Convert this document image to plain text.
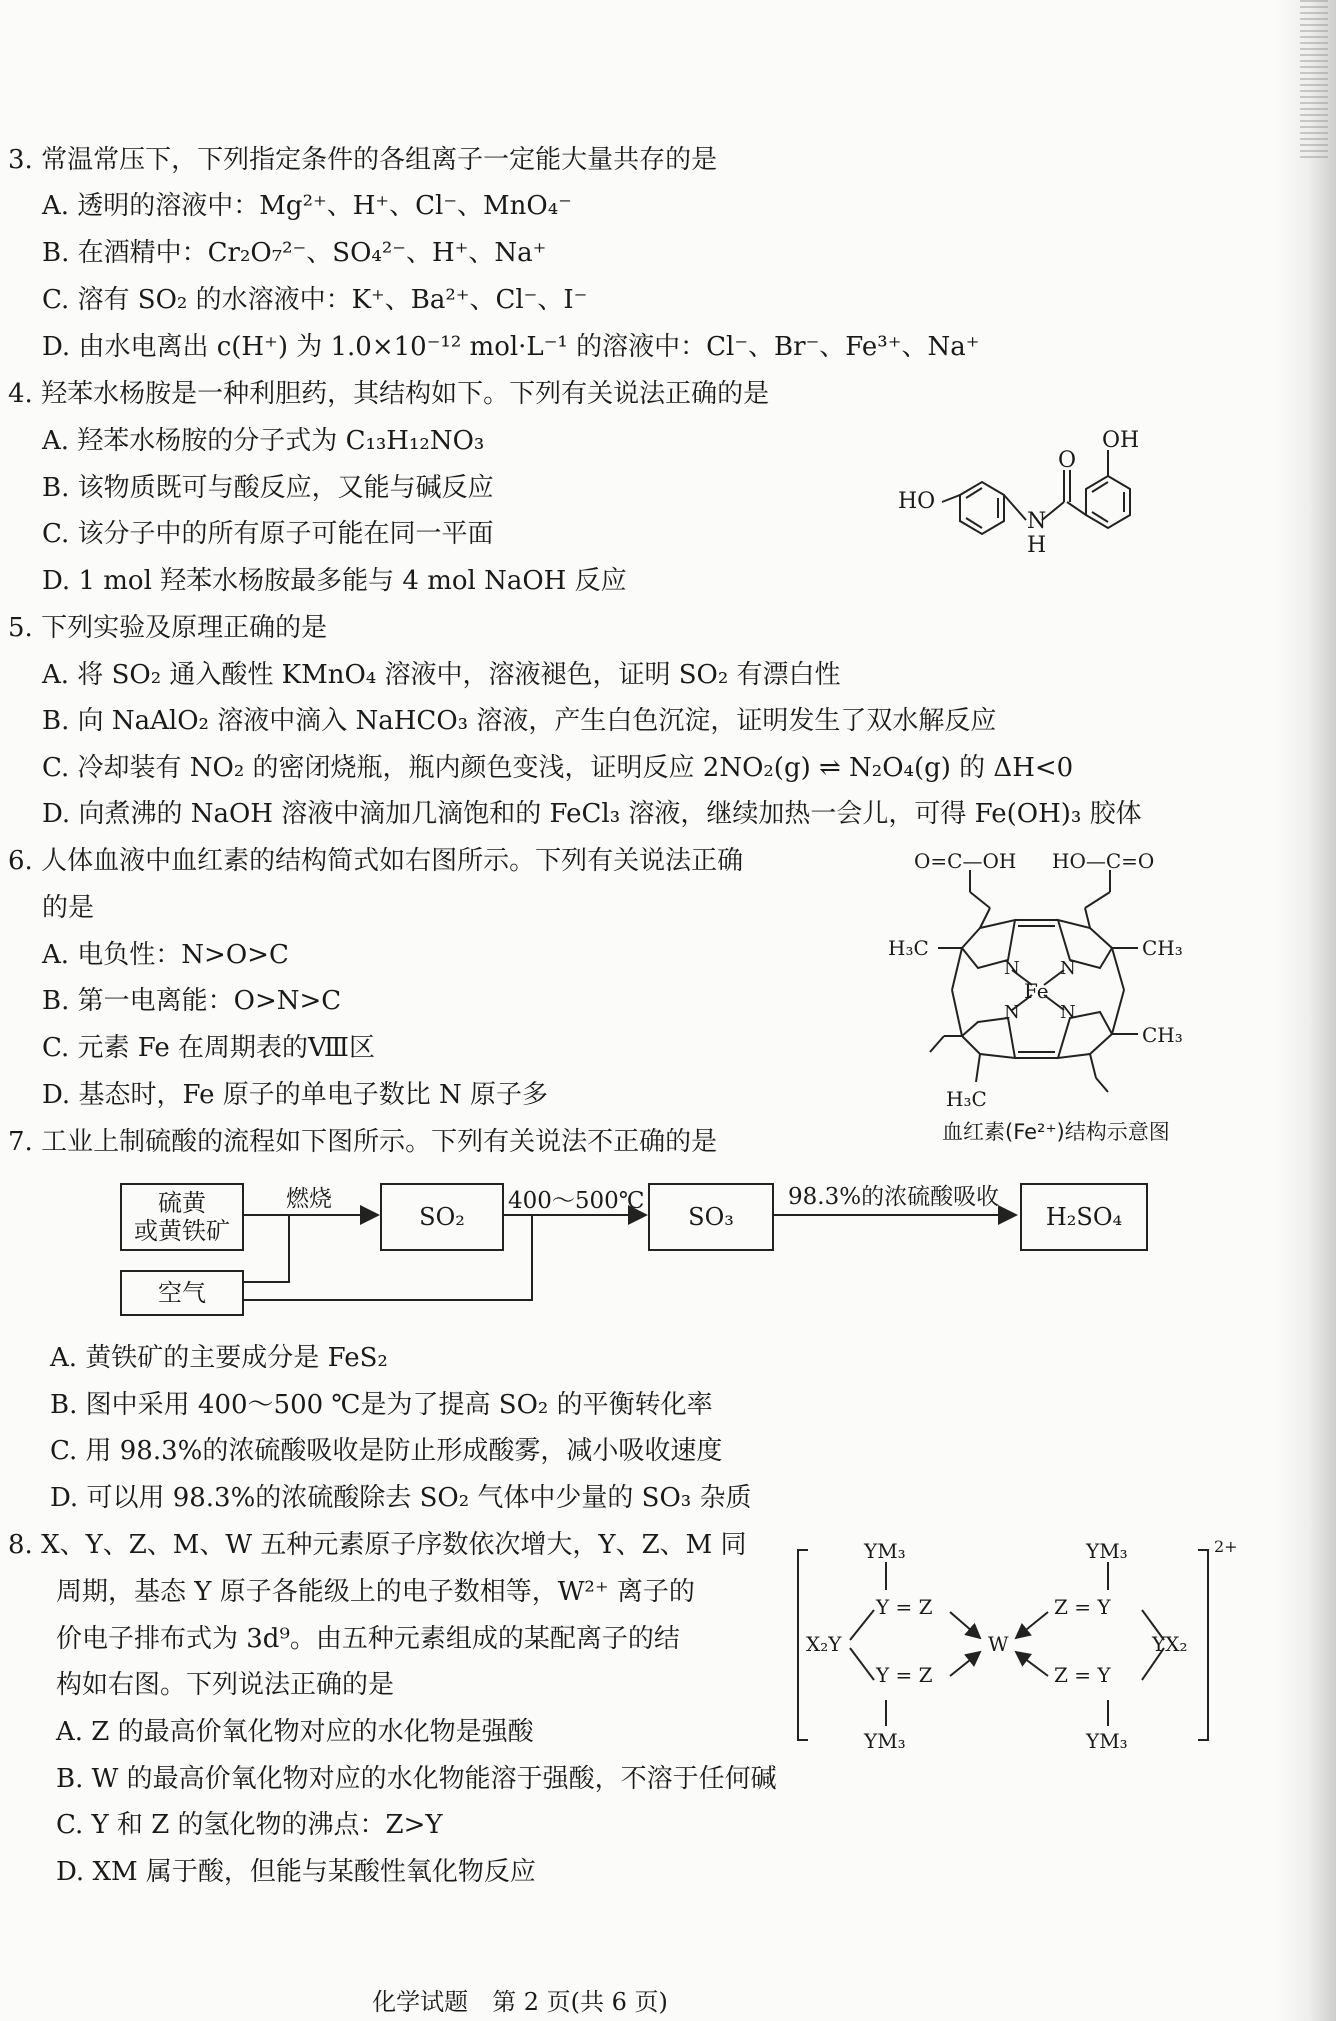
3. 常温常压下，下列指定条件的各组离子一定能大量共存的是
A. 透明的溶液中：Mg²⁺、H⁺、Cl⁻、MnO₄⁻
B. 在酒精中：Cr₂O₇²⁻、SO₄²⁻、H⁺、Na⁺
C. 溶有 SO₂ 的水溶液中：K⁺、Ba²⁺、Cl⁻、I⁻
D. 由水电离出 c(H⁺) 为 1.0×10⁻¹² mol·L⁻¹ 的溶液中：Cl⁻、Br⁻、Fe³⁺、Na⁺
4. 羟苯水杨胺是一种利胆药，其结构如下。下列有关说法正确的是
A. 羟苯水杨胺的分子式为 C₁₃H₁₂NO₃
B. 该物质既可与酸反应，又能与碱反应
C. 该分子中的所有原子可能在同一平面
D. 1 mol 羟苯水杨胺最多能与 4 mol NaOH 反应
HO
OH
O
N
H
5. 下列实验及原理正确的是
A. 将 SO₂ 通入酸性 KMnO₄ 溶液中，溶液褪色，证明 SO₂ 有漂白性
B. 向 NaAlO₂ 溶液中滴入 NaHCO₃ 溶液，产生白色沉淀，证明发生了双水解反应
C. 冷却装有 NO₂ 的密闭烧瓶，瓶内颜色变浅，证明反应 2NO₂(g) ⇌ N₂O₄(g) 的 ΔH<0
D. 向煮沸的 NaOH 溶液中滴加几滴饱和的 FeCl₃ 溶液，继续加热一会儿，可得 Fe(OH)₃ 胶体
6. 人体血液中血红素的结构简式如右图所示。下列有关说法正确
的是
A. 电负性：N>O>C
B. 第一电离能：O>N>C
C. 元素 Fe 在周期表的Ⅷ区
D. 基态时，Fe 原子的单电子数比 N 原子多
O=C—OH HO—C=O
H₃C	CH₃
CH₃
H₃C
Fe
N N
N N
血红素(Fe²⁺)结构示意图
7. 工业上制硫酸的流程如下图所示。下列有关说法不正确的是
硫黄
或黄铁矿
空气
SO₂	SO₃	H₂SO₄
燃烧	400～500℃	98.3%的浓硫酸吸收
A. 黄铁矿的主要成分是 FeS₂
B. 图中采用 400～500 ℃是为了提高 SO₂ 的平衡转化率
C. 用 98.3%的浓硫酸吸收是防止形成酸雾，减小吸收速度
D. 可以用 98.3%的浓硫酸除去 SO₂ 气体中少量的 SO₃ 杂质
8. X、Y、Z、M、W 五种元素原子序数依次增大，Y、Z、M 同
周期，基态 Y 原子各能级上的电子数相等，W²⁺ 离子的
价电子排布式为 3d⁹。由五种元素组成的某配离子的结
构如右图。下列说法正确的是
A. Z 的最高价氧化物对应的水化物是强酸
B. W 的最高价氧化物对应的水化物能溶于强酸，不溶于任何碱
C. Y 和 Z 的氢化物的沸点：Z>Y
D. XM 属于酸，但能与某酸性氧化物反应
2+
YM₃	YM₃
YM₃	YM₃
Y = Z
Y = Z
Z = Y
Z = Y
X₂Y	YX₂
W
化学试题　第 2 页(共 6 页)
